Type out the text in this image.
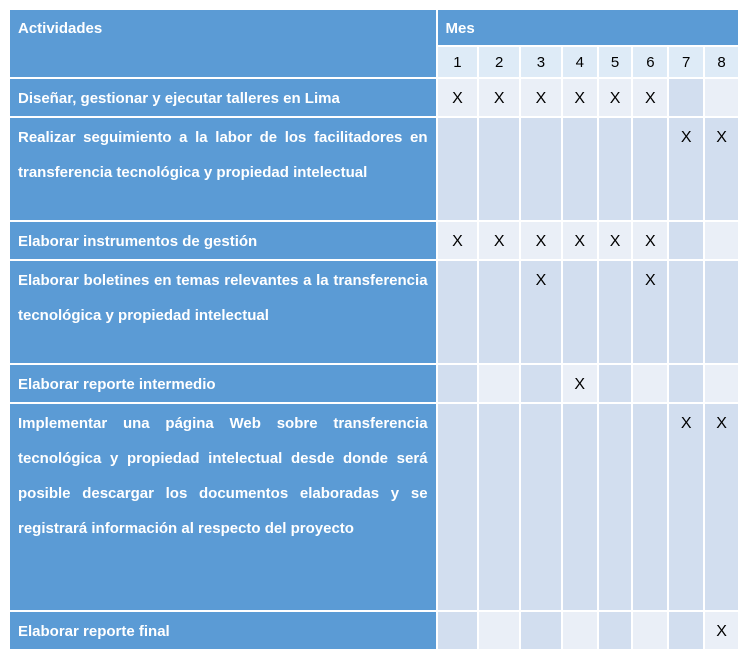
Actividades	Mes							
	1	2	3	4	5	6	7	8
Diseñar, gestionar y ejecutar talleres en Lima	X	X	X	X	X	X		
Realizar seguimiento a la labor de los facilitadores en transferencia tecnológica y propiedad intelectual							X	X
Elaborar instrumentos de gestión	X	X	X	X	X	X		
Elaborar boletines en temas relevantes a la transferencia tecnológica y propiedad intelectual			X			X		
Elaborar reporte intermedio				X				
Implementar una página Web sobre transferencia tecnológica y propiedad intelectual desde donde será posible descargar los documentos elaboradas y se registrará información al respecto del proyecto							X	X
Elaborar reporte final								X
